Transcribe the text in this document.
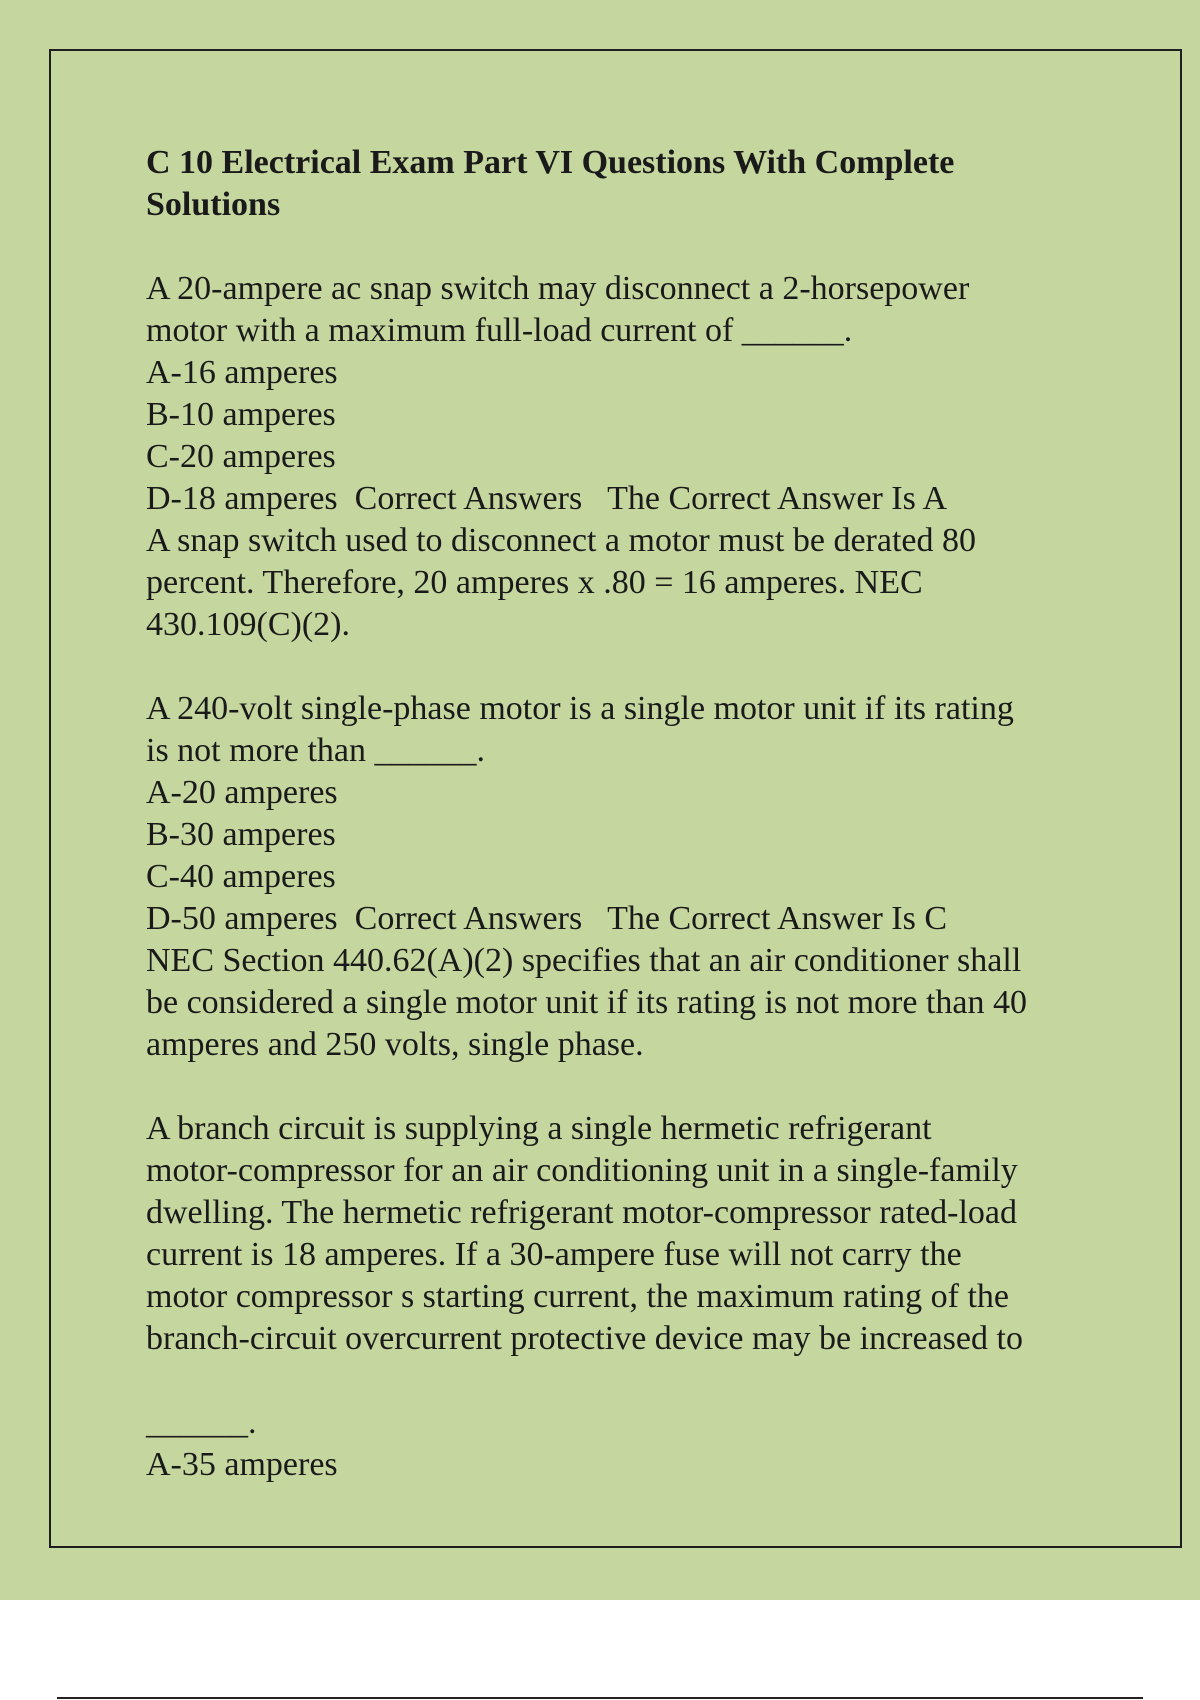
C 10 Electrical Exam Part VI Questions With Complete
Solutions
A 20-ampere ac snap switch may disconnect a 2-horsepower
motor with a maximum full-load current of ______.
A-16 amperes
B-10 amperes
C-20 amperes
D-18 amperes  Correct Answers   The Correct Answer Is A
A snap switch used to disconnect a motor must be derated 80
percent. Therefore, 20 amperes x .80 = 16 amperes. NEC
430.109(C)(2).
A 240-volt single-phase motor is a single motor unit if its rating
is not more than ______.
A-20 amperes
B-30 amperes
C-40 amperes
D-50 amperes  Correct Answers   The Correct Answer Is C
NEC Section 440.62(A)(2) specifies that an air conditioner shall
be considered a single motor unit if its rating is not more than 40
amperes and 250 volts, single phase.
A branch circuit is supplying a single hermetic refrigerant
motor-compressor for an air conditioning unit in a single-family
dwelling. The hermetic refrigerant motor-compressor rated-load
current is 18 amperes. If a 30-ampere fuse will not carry the
motor compressor s starting current, the maximum rating of the
branch-circuit overcurrent protective device may be increased to
______.
A-35 amperes
